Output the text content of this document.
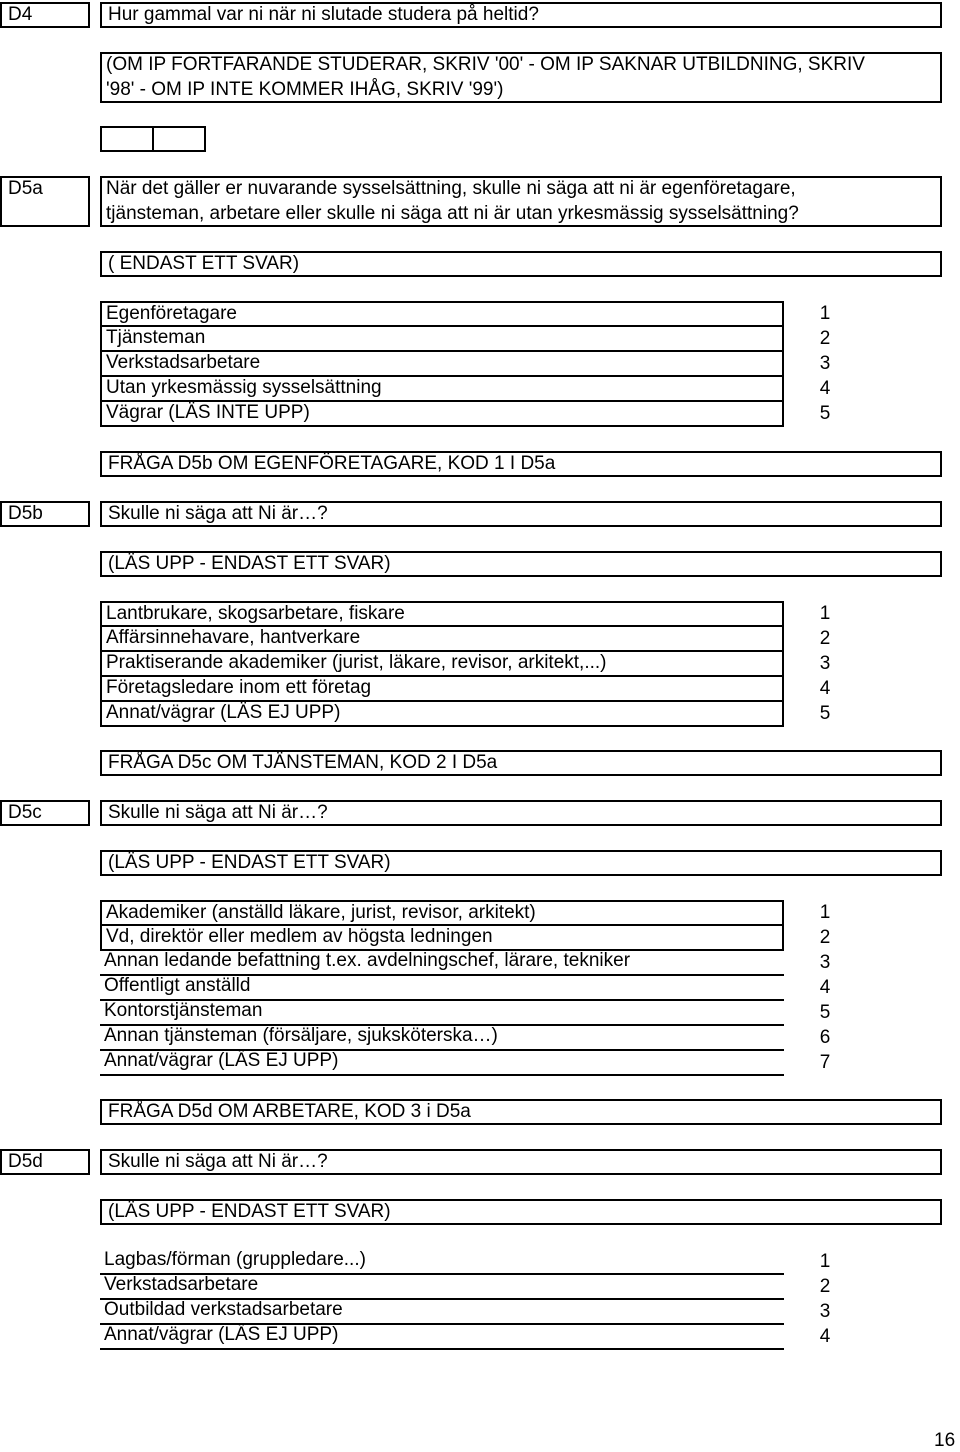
D4	Hur gammal var ni när ni slutade studera på heltid?
(OM IP FORTFARANDE STUDERAR, SKRIV '00' - OM IP SAKNAR UTBILDNING, SKRIV
'98' - OM IP INTE KOMMER IHÅG, SKRIV '99')
D5a	När det gäller er nuvarande sysselsättning, skulle ni säga att ni är egenföretagare,
tjänsteman, arbetare eller skulle ni säga att ni är utan yrkesmässig sysselsättning?
( ENDAST ETT SVAR)
Egenföretagare	1
Tjänsteman	2
Verkstadsarbetare	3
Utan yrkesmässig sysselsättning	4
Vägrar (LÄS INTE UPP)	5
FRÅGA D5b OM EGENFÖRETAGARE, KOD 1 I D5a
D5b	Skulle ni säga att Ni är…?
(LÄS UPP - ENDAST ETT SVAR)
Lantbrukare, skogsarbetare, fiskare	1
Affärsinnehavare, hantverkare	2
Praktiserande akademiker (jurist, läkare, revisor, arkitekt,...)	3
Företagsledare inom ett företag	4
Annat/vägrar (LÄS EJ UPP)	5
FRÅGA D5c OM TJÄNSTEMAN, KOD 2 I D5a
D5c	Skulle ni säga att Ni är…?
(LÄS UPP - ENDAST ETT SVAR)
Akademiker (anställd läkare, jurist, revisor, arkitekt)	1
Vd, direktör eller medlem av högsta ledningen	2
Annan ledande befattning t.ex. avdelningschef, lärare, tekniker	3
Offentligt anställd	4
Kontorstjänsteman	5
Annan tjänsteman (försäljare, sjuksköterska…)	6
Annat/vägrar (LÄS EJ UPP)	7
FRÅGA D5d OM ARBETARE, KOD 3 i D5a
D5d	Skulle ni säga att Ni är…?
(LÄS UPP - ENDAST ETT SVAR)
Lagbas/förman (gruppledare...)	1
Verkstadsarbetare	2
Outbildad verkstadsarbetare	3
Annat/vägrar (LÄS EJ UPP)	4
16
